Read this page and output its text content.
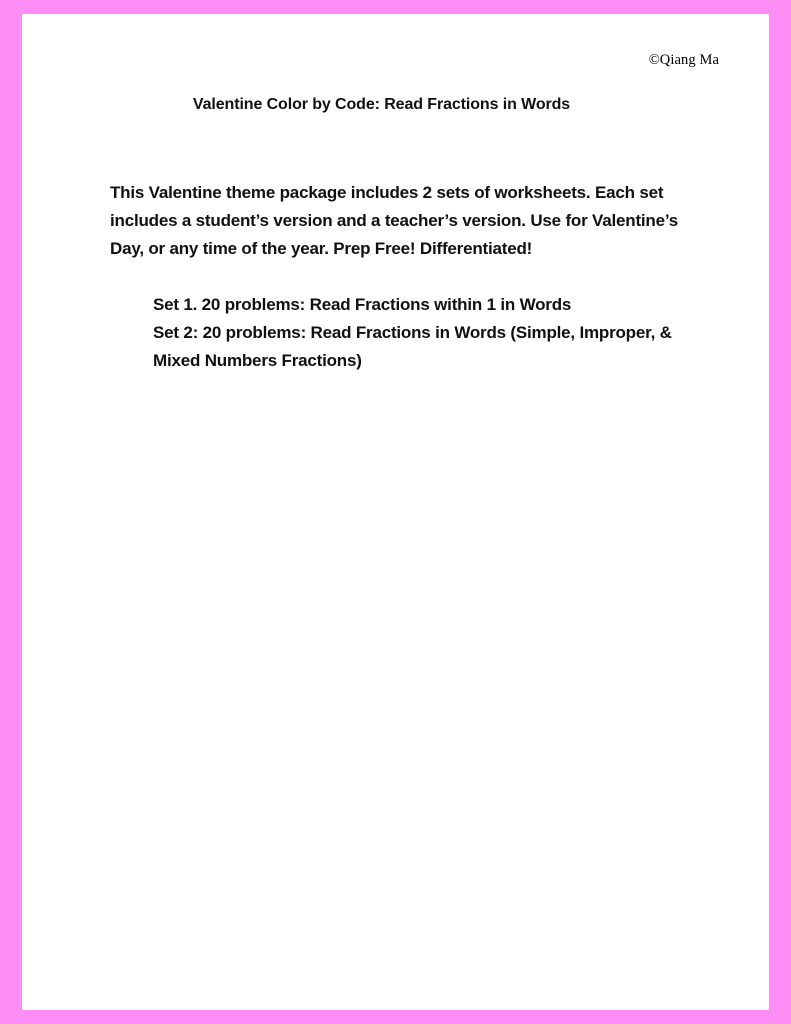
©Qiang Ma
Valentine Color by Code: Read Fractions in Words
This Valentine theme package includes 2 sets of worksheets. Each set includes a student’s version and a teacher’s version. Use for Valentine’s Day, or any time of the year. Prep Free! Differentiated!

Set 1. 20 problems: Read Fractions within 1 in Words

Set 2: 20 problems: Read Fractions in Words (Simple, Improper, & Mixed Numbers Fractions)
